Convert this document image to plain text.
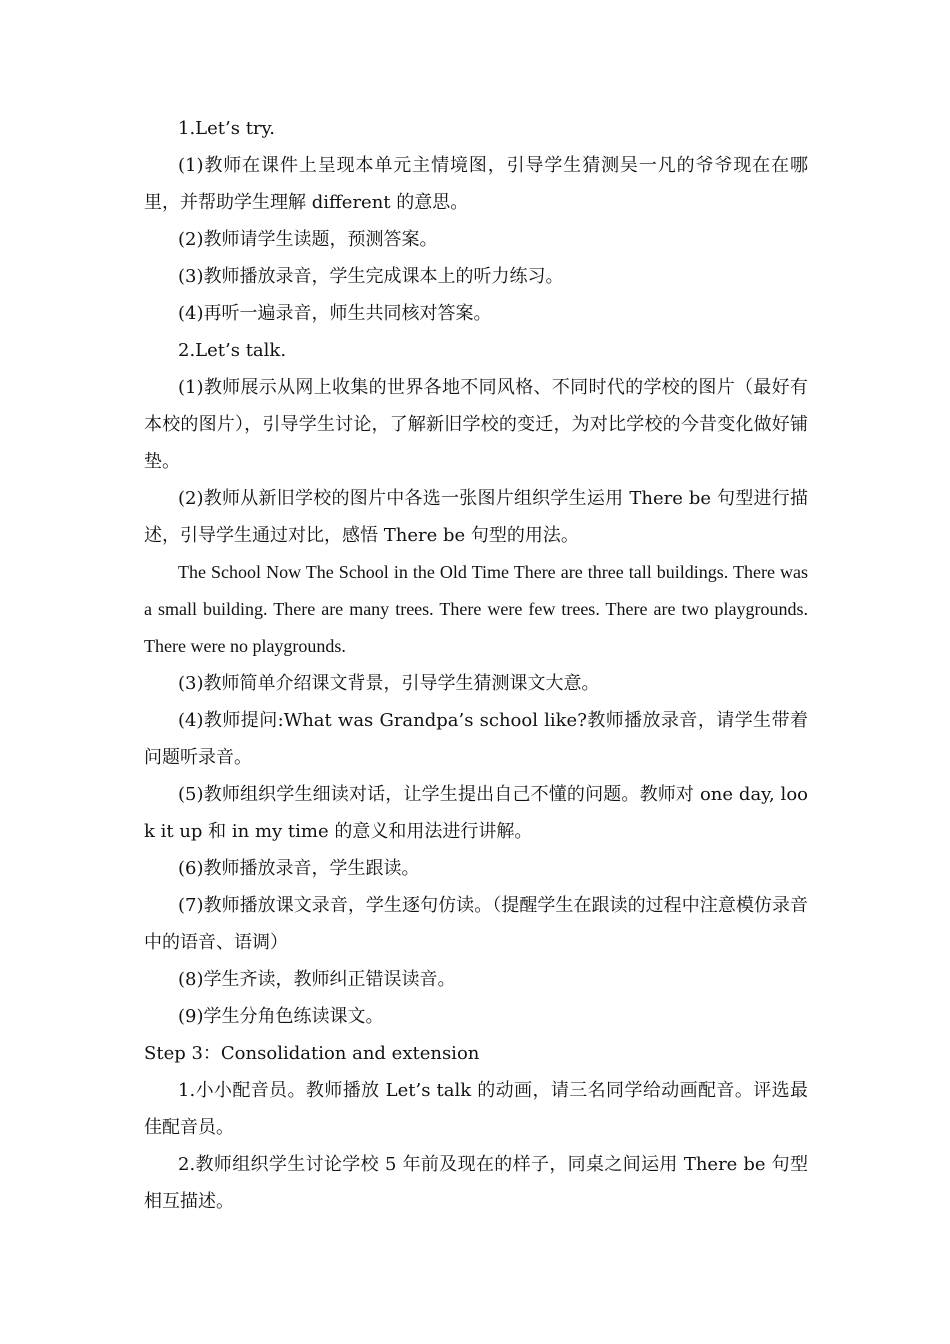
1.Let’s try.

(1)教师在课件上呈现本单元主情境图，引导学生猜测吴一凡的爷爷现在在哪里，并帮助学生理解 different 的意思。

(2)教师请学生读题，预测答案。

(3)教师播放录音，学生完成课本上的听力练习。

(4)再听一遍录音，师生共同核对答案。

2.Let’s talk.

(1)教师展示从网上收集的世界各地不同风格、不同时代的学校的图片（最好有本校的图片），引导学生讨论，了解新旧学校的变迁，为对比学校的今昔变化做好铺垫。

(2)教师从新旧学校的图片中各选一张图片组织学生运用 There be 句型进行描述，引导学生通过对比，感悟 There be 句型的用法。

The School Now The School in the Old Time There are three tall buildings. There was a small building. There are many trees. There were few trees. There are two playgrounds. There were no playgrounds.

(3)教师简单介绍课文背景，引导学生猜测课文大意。

(4)教师提问:What was Grandpa’s school like?教师播放录音，请学生带着问题听录音。

(5)教师组织学生细读对话，让学生提出自己不懂的问题。教师对 one day, look it up 和 in my time 的意义和用法进行讲解。

(6)教师播放录音，学生跟读。

(7)教师播放课文录音，学生逐句仿读。（提醒学生在跟读的过程中注意模仿录音中的语音、语调）

(8)学生齐读，教师纠正错误读音。

(9)学生分角色练读课文。

Step 3：Consolidation and extension

1.小小配音员。教师播放 Let’s talk 的动画，请三名同学给动画配音。评选最佳配音员。

2.教师组织学生讨论学校 5 年前及现在的样子，同桌之间运用 There be 句型相互描述。
